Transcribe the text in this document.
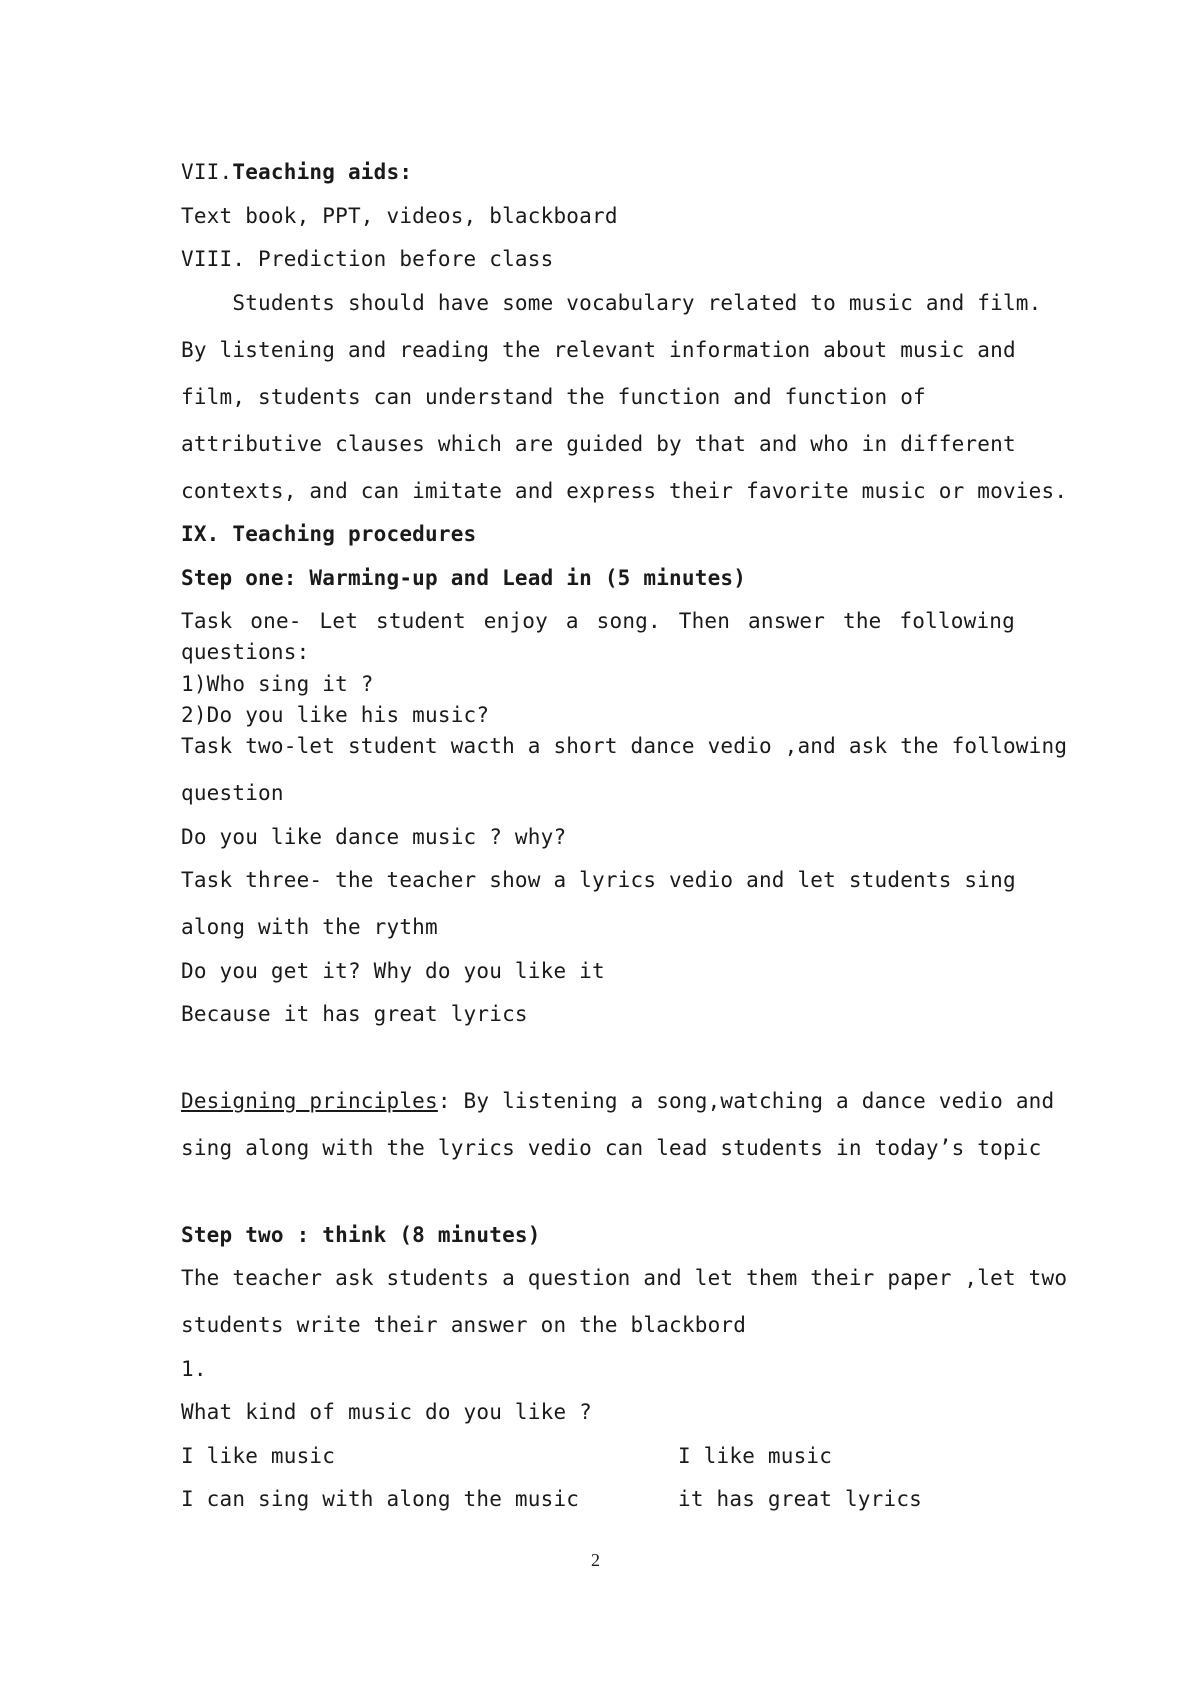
VII.Teaching aids:
Text book, PPT, videos, blackboard
VIII. Prediction before class
Students should have some vocabulary related to music and film.
By listening and reading the relevant information about music and
film, students can understand the function and function of
attributive clauses which are guided by that and who in different
contexts, and can imitate and express their favorite music or movies.
IX. Teaching procedures
Step one: Warming-up and Lead in (5 minutes)
Task one- Let student enjoy a song. Then answer the following
questions:
1)Who sing it ?
2)Do you like his music?
Task two-let student wacth a short dance vedio ,and ask the following
question
Do you like dance music ? why?
Task three- the teacher show a lyrics vedio and let students sing
along with the rythm
Do you get it? Why do you like it
Because it has great lyrics
Designing principles: By listening a song,watching a dance vedio and
sing along with the lyrics vedio can lead students in today’s topic
Step two : think (8 minutes)
The teacher ask students a question and let them their paper ,let two
students write their answer on the blackbord
1.
What kind of music do you like ?
I like music	I like music
I can sing with along the music	it has great lyrics
2
